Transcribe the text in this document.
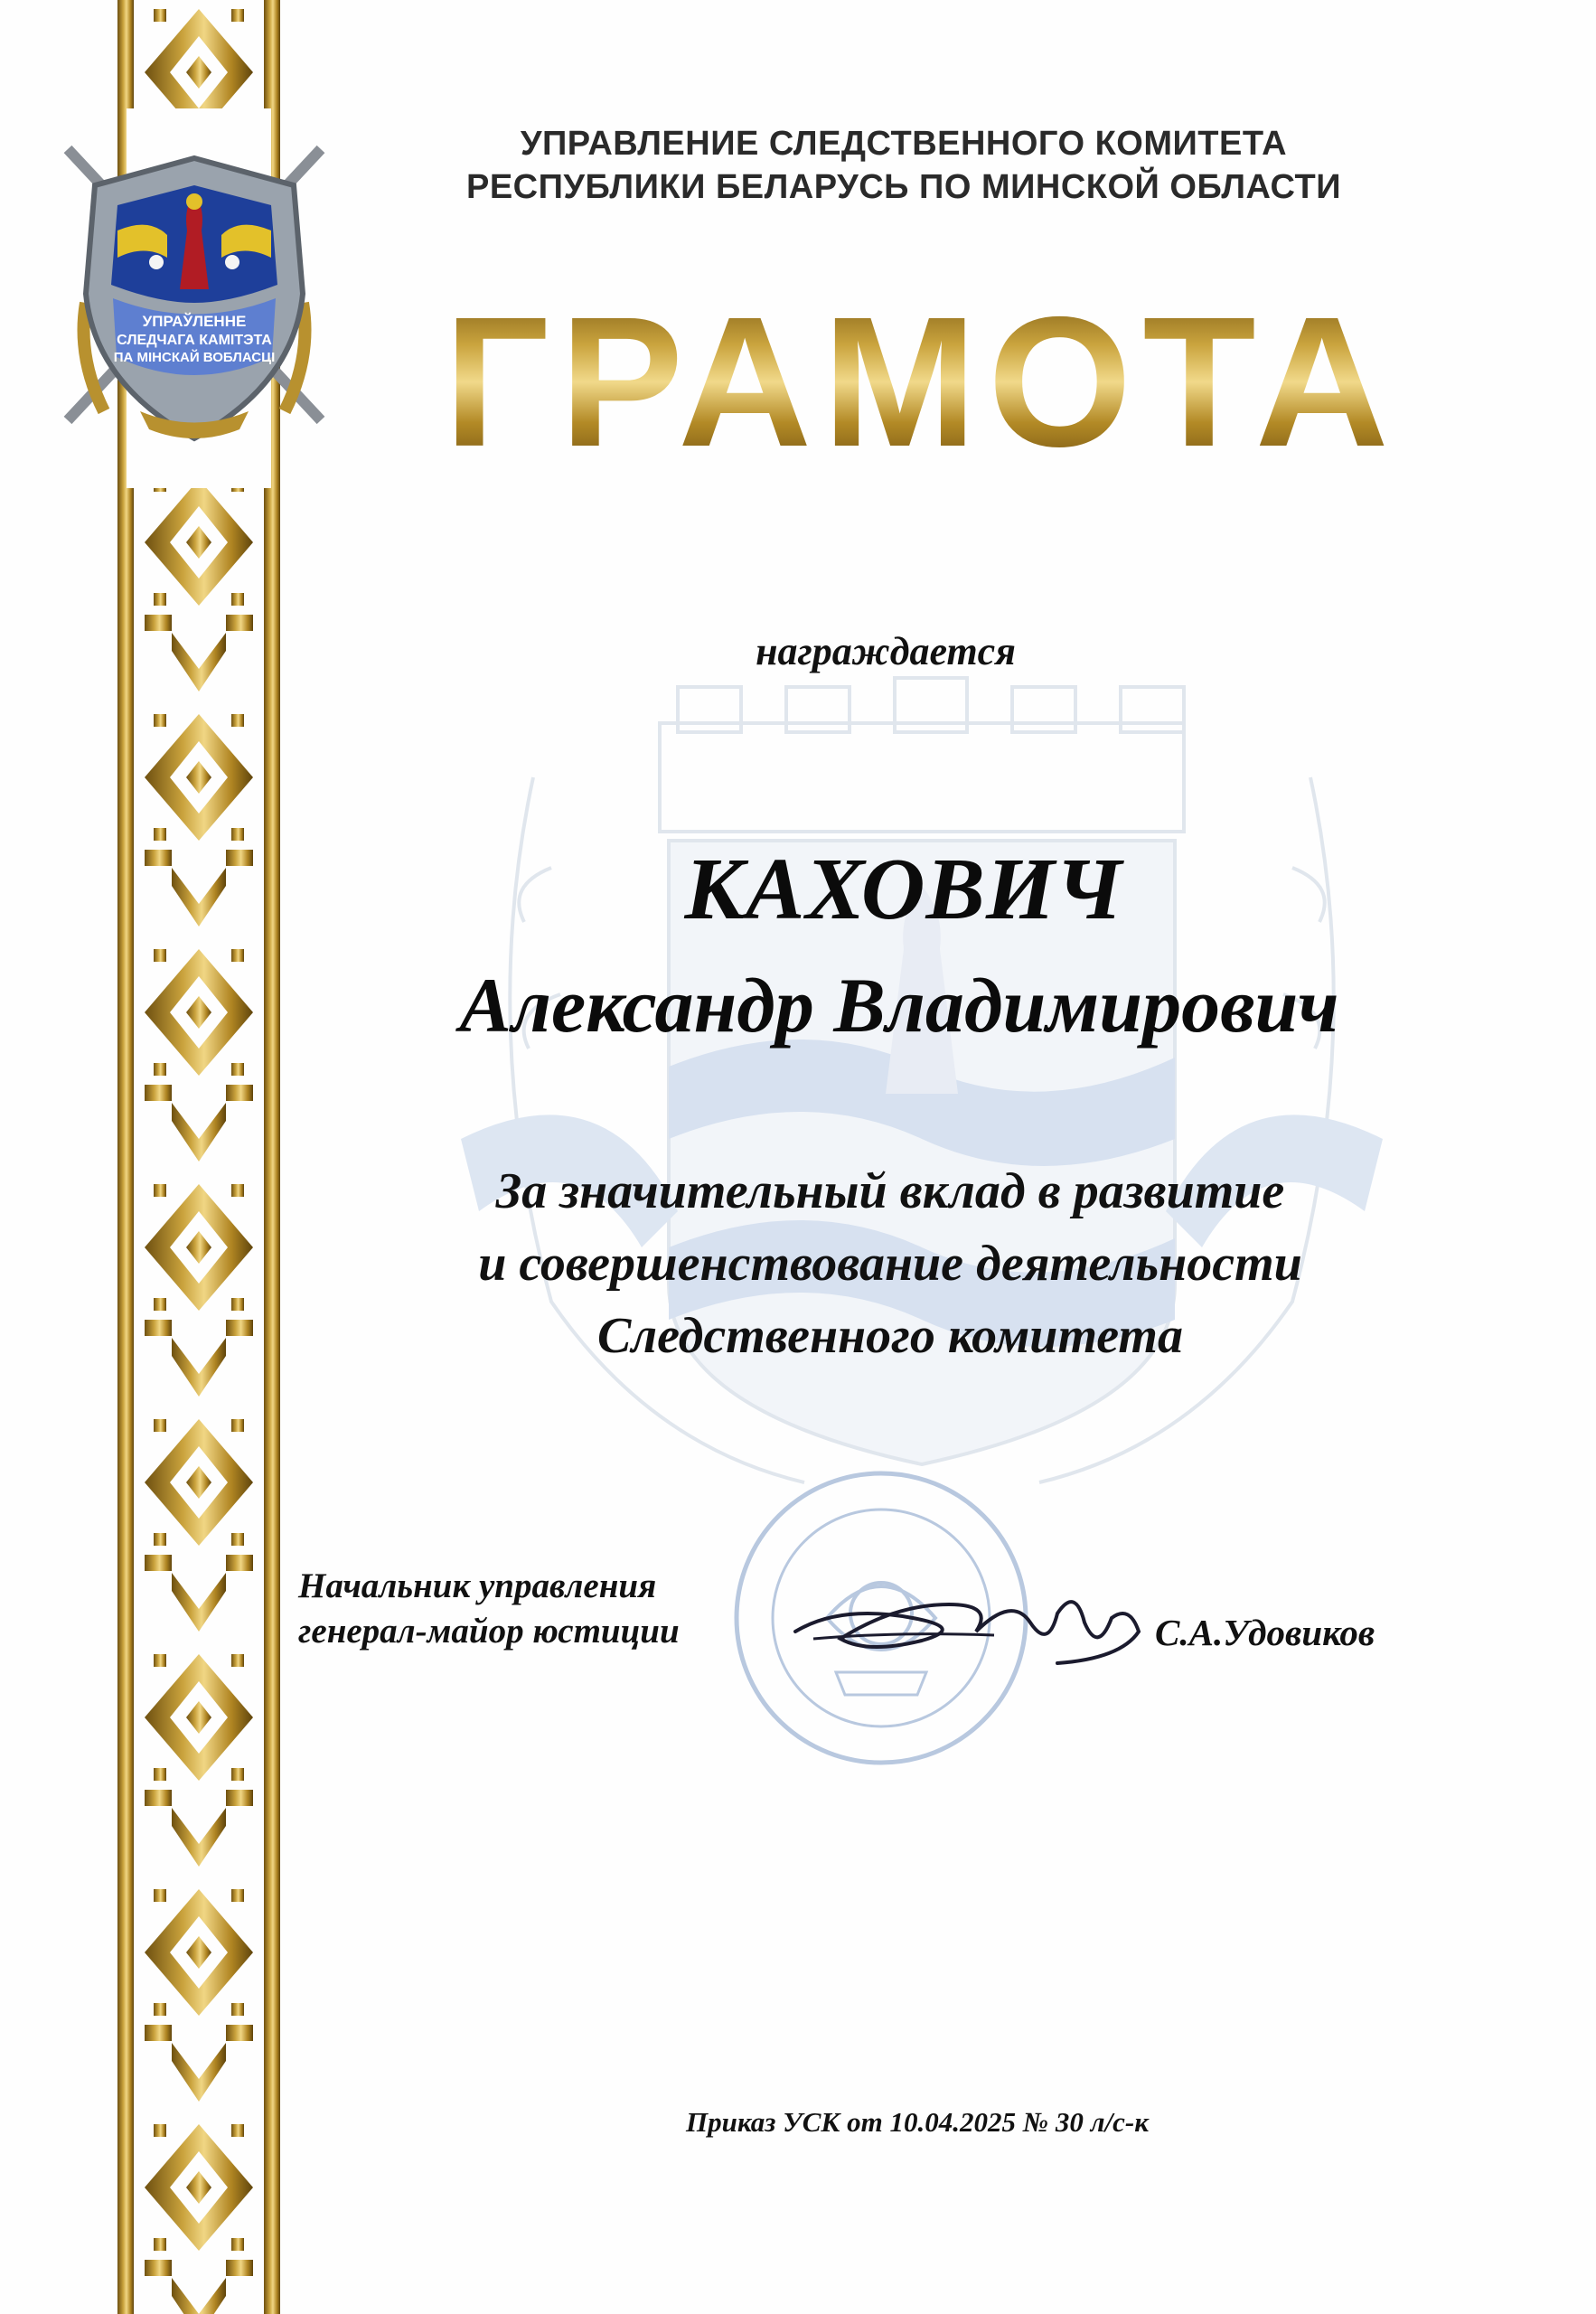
УПРАЎЛЕННЕ
СЛЕДЧАГА КАМІТЭТА
ПА МІНСКАЙ ВОБЛАСЦІ
УПРАВЛЕНИЕ СЛЕДСТВЕННОГО КОМИТЕТА
РЕСПУБЛИКИ БЕЛАРУСЬ ПО МИНСКОЙ ОБЛАСТИ
ГРАМОТА
награждается
КАХОВИЧ
Александр Владимирович
За значительный вклад в развитие
и совершенствование деятельности
Следственного комитета
Начальник управления
генерал-майор юстиции	С.А.Удовиков
Приказ УСК от 10.04.2025 № 30 л/с-к
